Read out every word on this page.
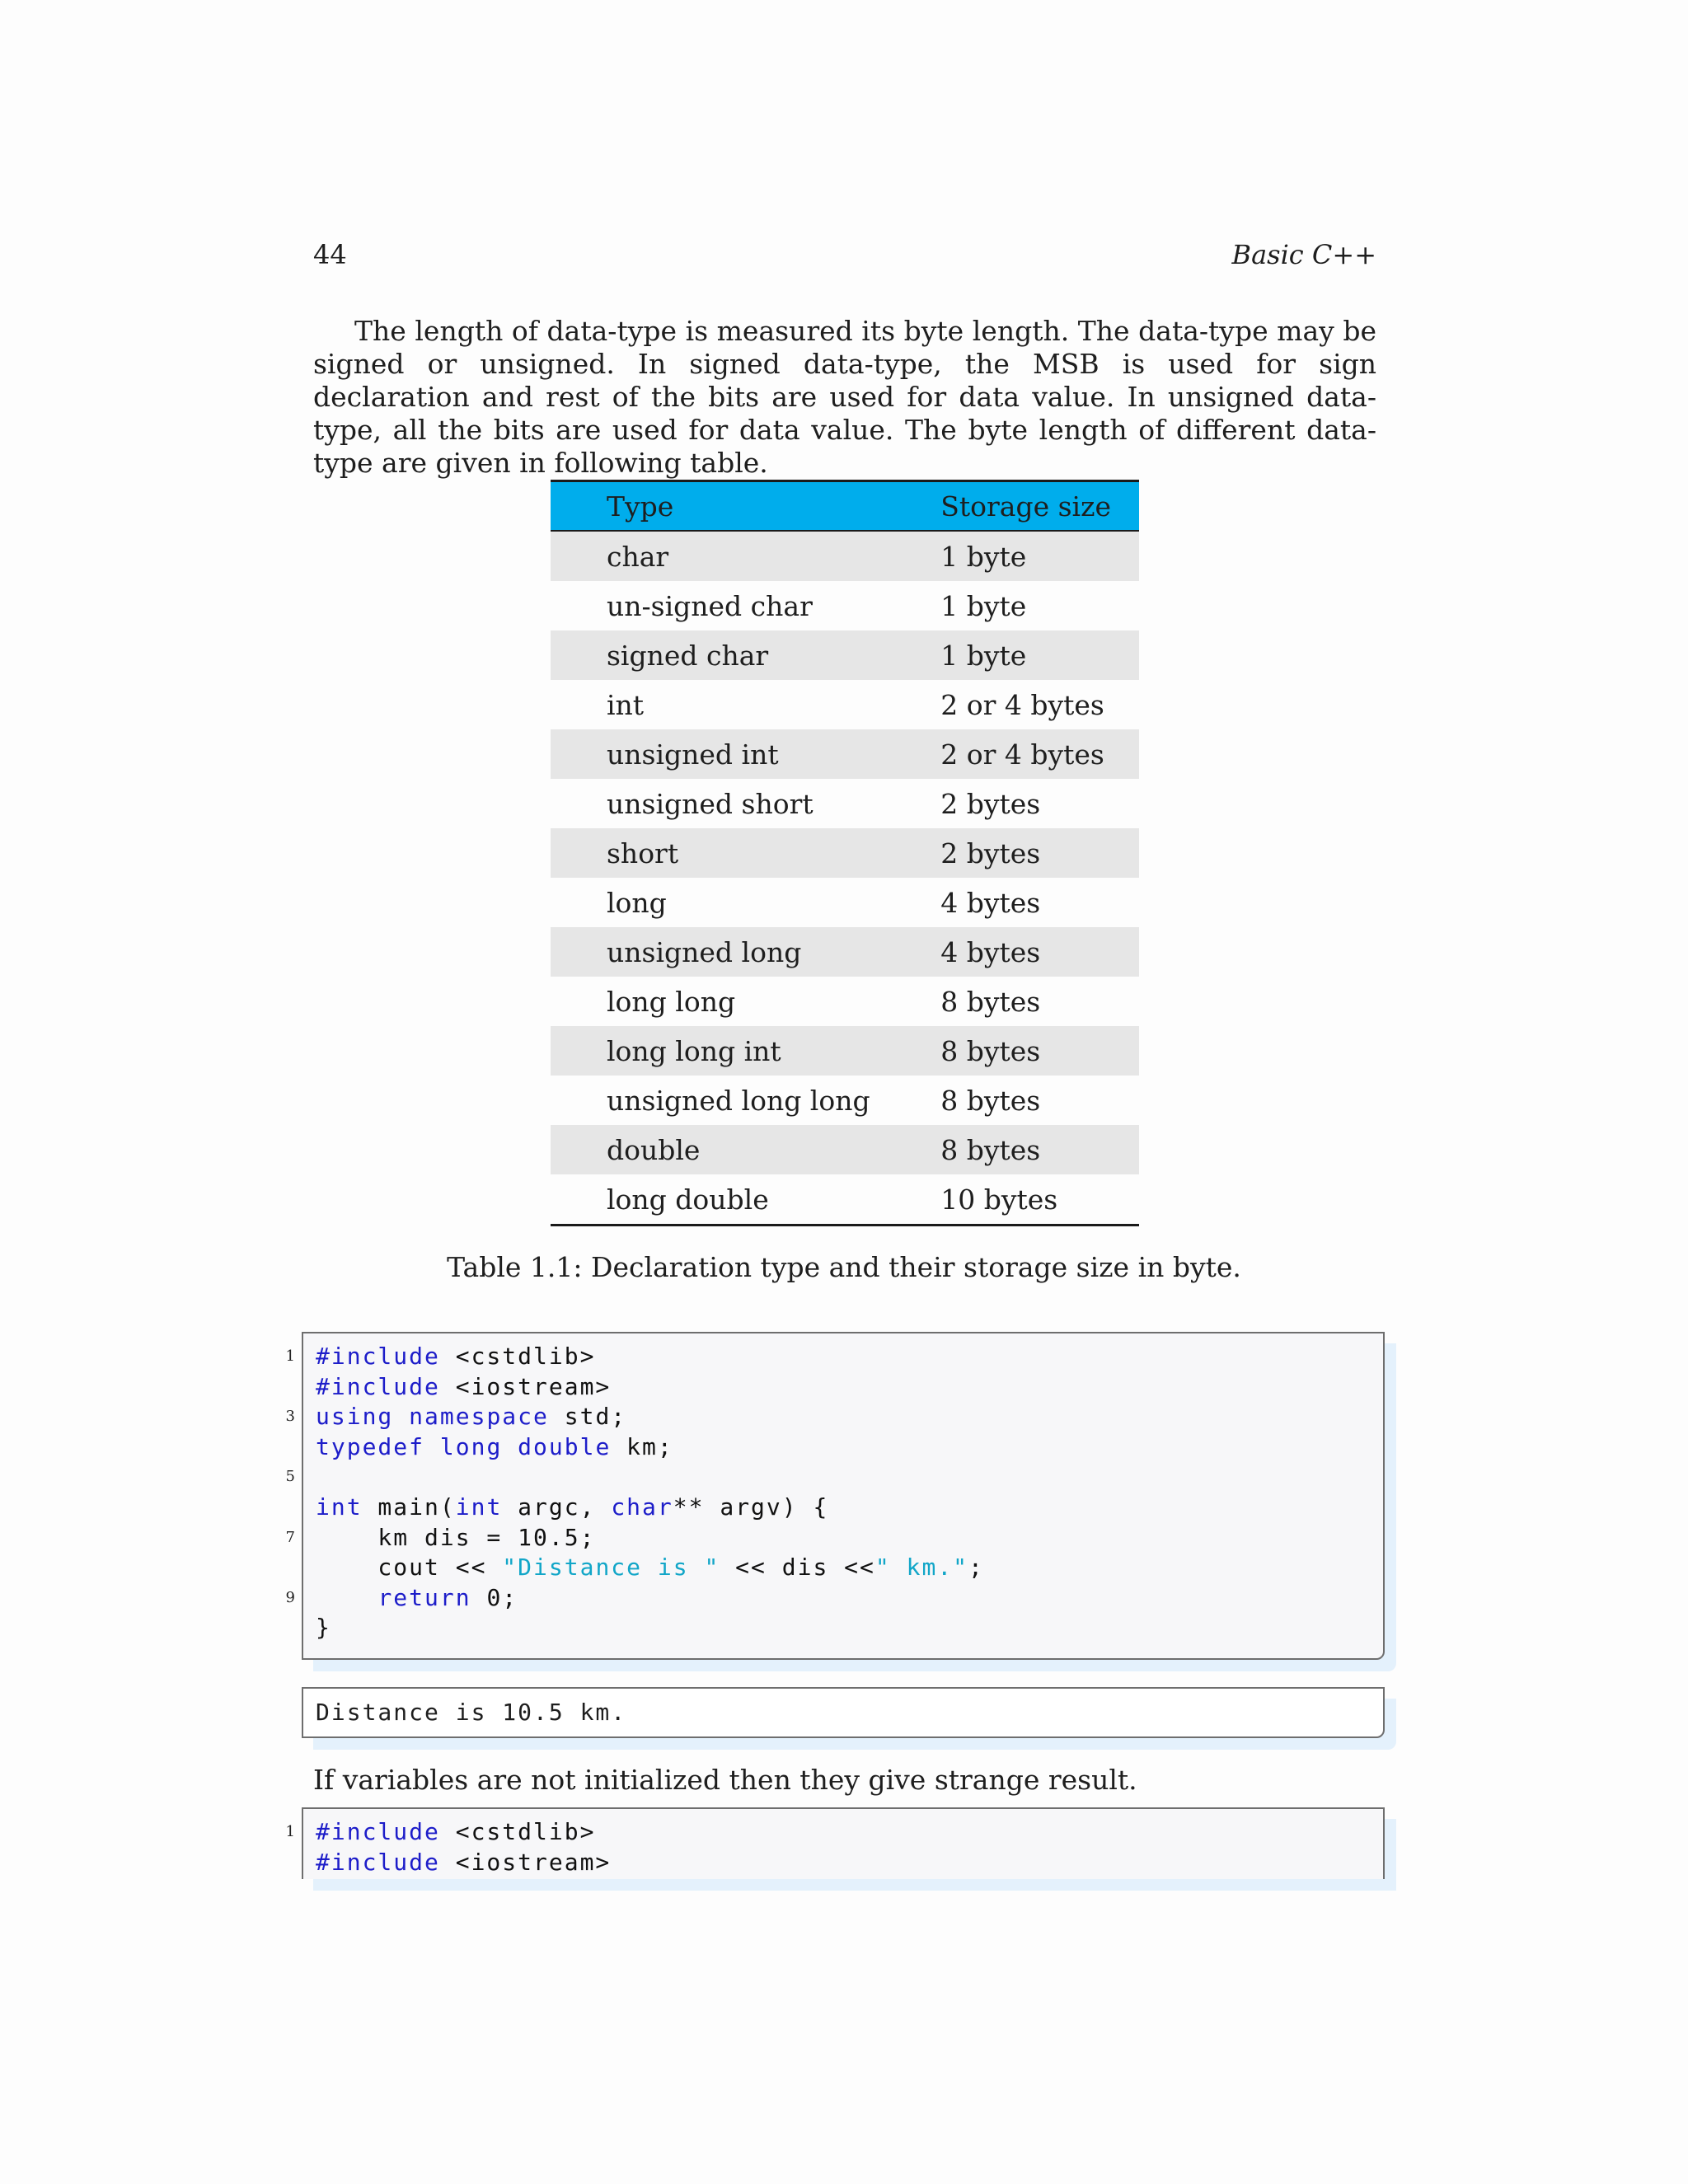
44	Basic C++

The length of data-type is measured its byte length. The data-type may be signed or unsigned. In signed data-type, the MSB is used for sign declaration and rest of the bits are used for data value. In unsigned data-type, all the bits are used for data value. The byte length of different data-type are given in following table.

Type	Storage size
char	1 byte
un-signed char	1 byte
signed char	1 byte
int	2 or 4 bytes
unsigned int	2 or 4 bytes
unsigned short	2 bytes
short	2 bytes
long	4 bytes
unsigned long	4 bytes
long long	8 bytes
long long int	8 bytes
unsigned long long	8 bytes
double	8 bytes
long double	10 bytes
Table 1.1: Declaration type and their storage size in byte.
1 #include <cstdlib>
#include <iostream>
3 using namespace std;
typedef long double km;
5
int main(int argc, char** argv) {
7 km dis = 10.5;
cout << "Distance is " << dis <<" km.";
9	return 0;
}
Distance is 10.5 km.

If variables are not initialized then they give strange result.

1 #include <cstdlib>
#include <iostream>
